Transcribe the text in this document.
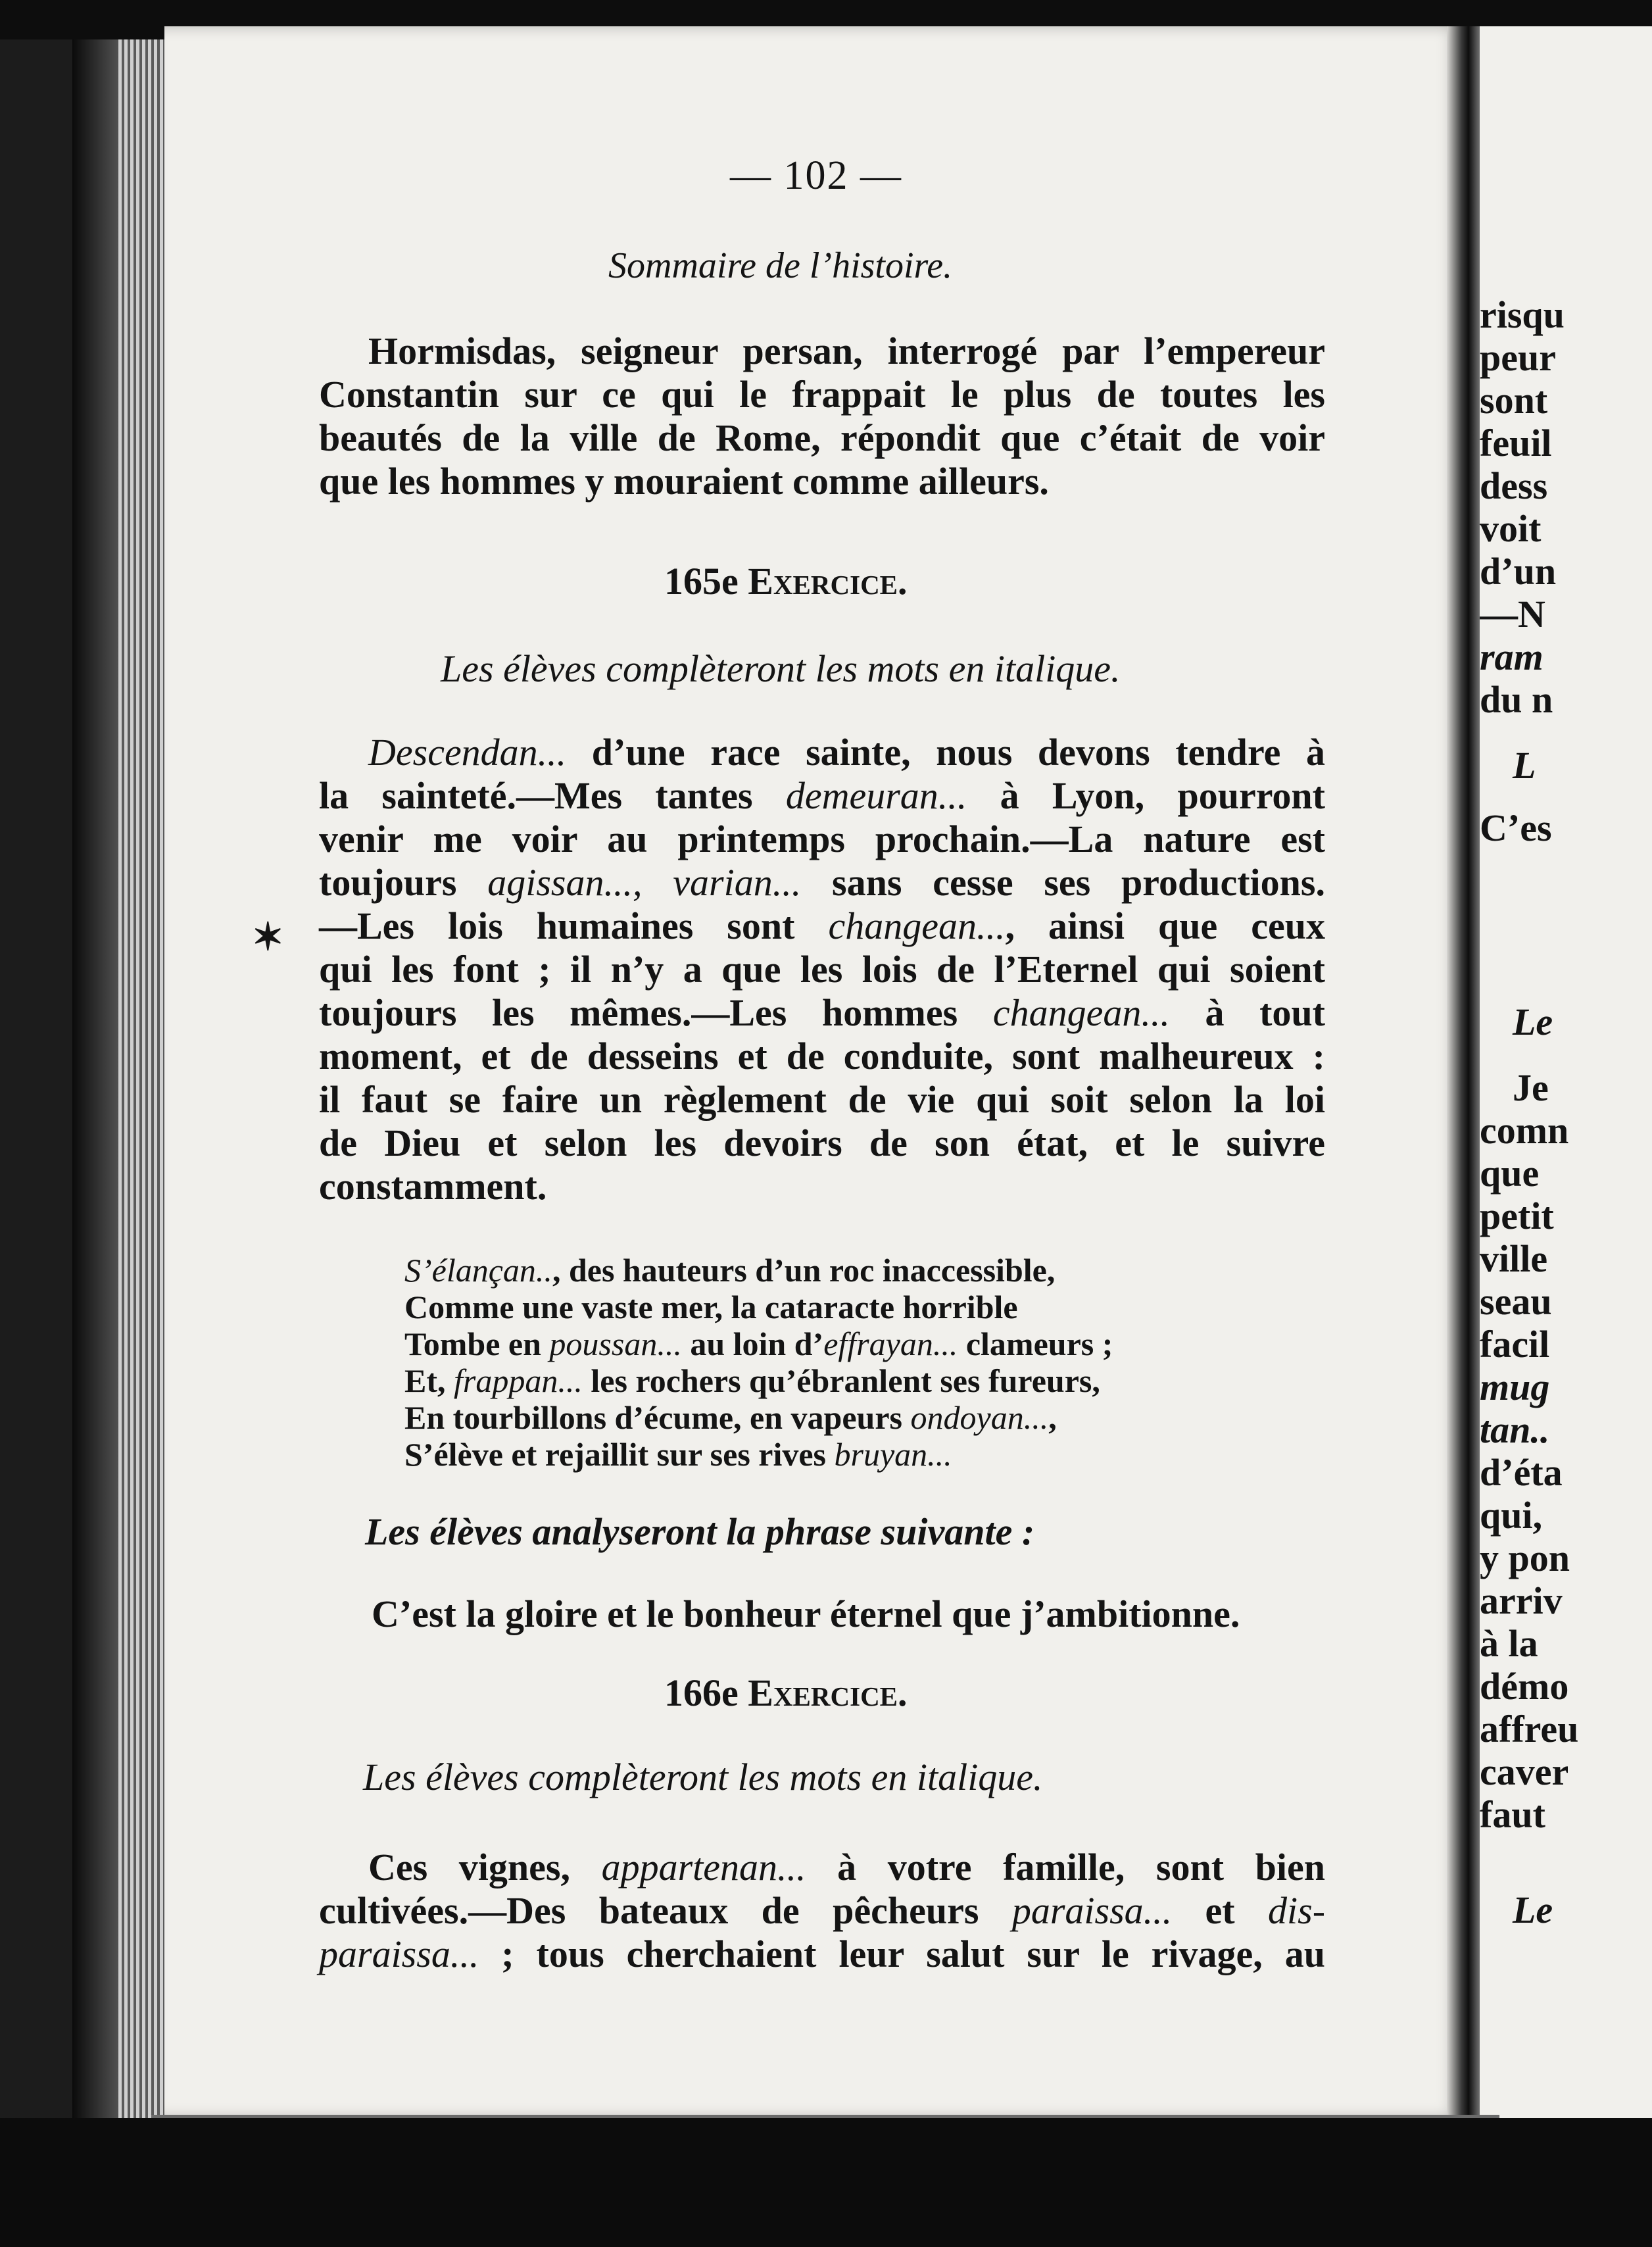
risqu
peur
sont
feuil
dess
voit
d’un
—N
ram
du n
L
C’es
Le
Je
comn
que
petit
ville
seau
facil
mug
tan..
d’éta
qui,
y pon
arriv
à la
démo
affreu
caver
faut
Le
— 102 —
Sommaire de l’histoire.
Hormisdas, seigneur persan, interrogé par l’empereur
Constantin sur ce qui le frappait le plus de toutes les
beautés de la ville de Rome, répondit que c’était de voir
que les hommes y mouraient comme ailleurs.
165e Exercice.
Les élèves complèteront les mots en italique.
Descendan... d’une race sainte, nous devons tendre à
la sainteté.—Mes tantes demeuran... à Lyon, pourront
venir me voir au printemps prochain.—La nature est
toujours agissan..., varian... sans cesse ses productions.
—Les lois humaines sont changean..., ainsi que ceux
qui les font ; il n’y a que les lois de l’Eternel qui soient
toujours les mêmes.—Les hommes changean... à tout
moment, et de desseins et de conduite, sont malheureux :
il faut se faire un règlement de vie qui soit selon la loi
de Dieu et selon les devoirs de son état, et le suivre
constamment.
✶
S’élançan.., des hauteurs d’un roc inaccessible,
Comme une vaste mer, la cataracte horrible
Tombe en poussan... au loin d’effrayan... clameurs ;
Et, frappan... les rochers qu’ébranlent ses fureurs,
En tourbillons d’écume, en vapeurs ondoyan...,
S’élève et rejaillit sur ses rives bruyan...
Les élèves analyseront la phrase suivante :
C’est la gloire et le bonheur éternel que j’ambitionne.
166e Exercice.
Les élèves complèteront les mots en italique.
Ces vignes, appartenan... à votre famille, sont bien
cultivées.—Des bateaux de pêcheurs paraissa... et dis-
paraissa... ; tous cherchaient leur salut sur le rivage, au
